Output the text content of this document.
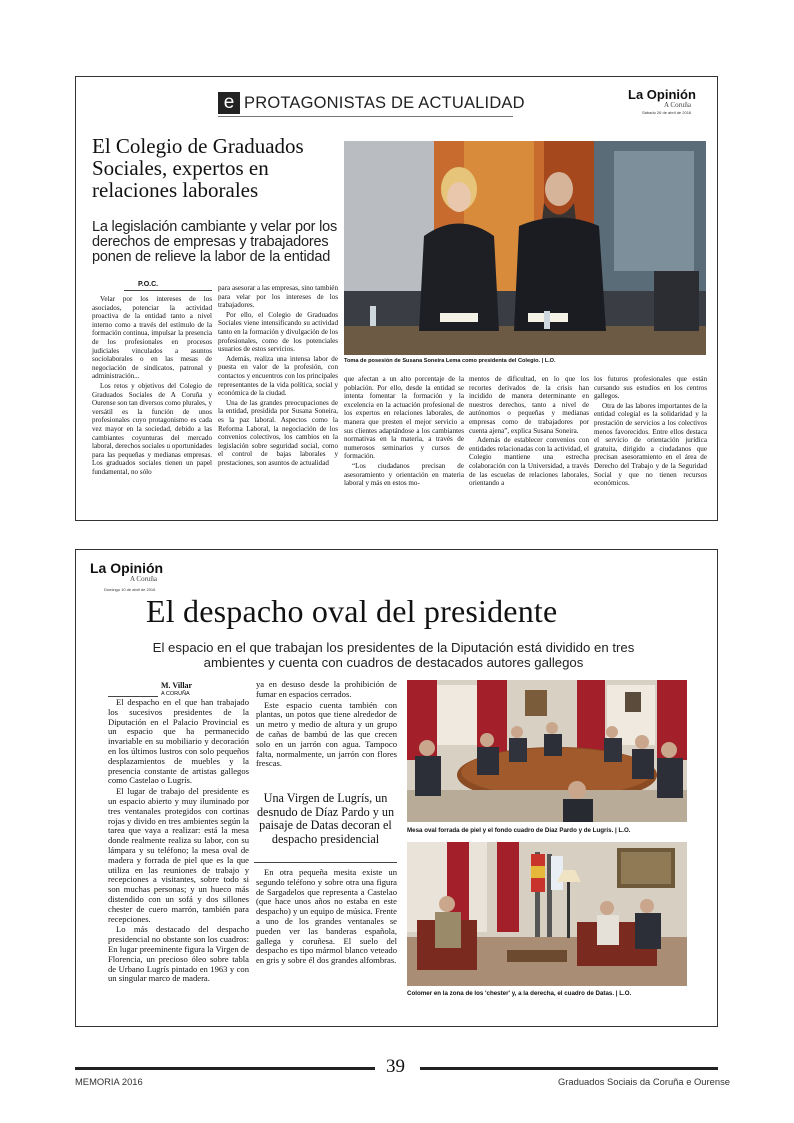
e PROTAGONISTAS DE ACTUALIDAD	La Opinión
A Coruña
Sábado 26 de abril de 2016
El Colegio de Graduados Sociales, expertos en relaciones laborales
La legislación cambiante y velar por los derechos de empresas y trabajadores ponen de relieve la labor de la entidad
P.O.C.

Velar por los intereses de los asociados, potenciar la actividad proactiva de la entidad tanto a nivel interno como a través del estímulo de la formación continua, impulsar la presencia de los profesionales en procesos judiciales vinculados a asuntos sociolaborales o en las mesas de negociación de sindicatos, patronal y administración...

Los retos y objetivos del Colegio de Graduados Sociales de A Coruña y Ourense son tan diversos como plurales, y versátil es la función de unos profesionales cuyo protagonismo es cada vez mayor en la sociedad, debido a las cambiantes coyunturas del mercado laboral, derechos sociales u oportunidades para las pequeñas y medianas empresas. Los graduados sociales tienen un papel fundamental, no sólo

para asesorar a las empresas, sino también para velar por los intereses de los trabajadores.

Por ello, el Colegio de Graduados Sociales viene intensificando su actividad tanto en la formación y divulgación de los profesionales, como de los potenciales usuarios de estos servicios.

Además, realiza una intensa labor de puesta en valor de la profesión, con contactos y encuentros con los principales representantes de la vida política, social y económica de la ciudad.

Una de las grandes preocupaciones de la entidad, presidida por Susana Soneira, es la paz laboral. Aspectos como la Reforma Laboral, la negociación de los convenios colectivos, los cambios en la legislación sobre seguridad social, como el control de bajas laborales y prestaciones, son asuntos de actualidad

Toma de posesión de Susana Soneira Lema como presidenta del Colegio. | L.O.

que afectan a un alto porcentaje de la población. Por ello, desde la entidad se intenta fomentar la formación y la excelencia en la actuación profesional de los expertos en relaciones laborales, de manera que presten el mejor servicio a sus clientes adaptándose a los cambiantes normativas en la materia, a través de numerosos seminarios y cursos de formación.

“Los ciudadanos precisan de asesoramiento y orientación en materia laboral y más en estos mo-

mentos de dificultad, en lo que los recortes derivados de la crisis han incidido de manera determinante en nuestros derechos, tanto a nivel de autónomos o pequeñas y medianas empresas como de trabajadores por cuenta ajena”, explica Susana Soneira.

Además de establecer convenios con entidades relacionadas con la actividad, el Colegio mantiene una estrecha colaboración con la Universidad, a través de las escuelas de relaciones laborales, orientando a

los futuros profesionales que están cursando sus estudios en los centros gallegos.

Otra de las labores importantes de la entidad colegial es la solidaridad y la prestación de servicios a los colectivos menos favorecidos. Entre ellos destaca el servicio de orientación jurídica gratuita, dirigido a ciudadanos que precisan asesoramiento en el área de Derecho del Trabajo y de la Seguridad Social y que no tienen recursos económicos.

La Opinión
A Coruña
Domingo 10 de abril de 2016
El despacho oval del presidente
El espacio en el que trabajan los presidentes de la Diputación está dividido en tres ambientes y cuenta con cuadros de destacados autores gallegos
M. Villar
A CORUÑA

El despacho en el que han trabajado los sucesivos presidentes de la Diputación en el Palacio Provincial es un espacio que ha permanecido invariable en su mobiliario y decoración en los últimos lustros con solo pequeños desplazamientos de muebles y la presencia constante de artistas gallegos como Castelao o Lugrís.

El lugar de trabajo del presidente es un espacio abierto y muy iluminado por tres ventanales protegidos con cortinas rojas y divido en tres ambientes según la tarea que vaya a realizar: está la mesa donde realmente realiza su labor, con su lámpara y su teléfono; la mesa oval de madera y forrada de piel que es la que utiliza en las reuniones de trabajo y recepciones a visitantes, sobre todo si son muchas personas; y un hueco más distendido con un sofá y dos sillones chester de cuero marrón, también para recepciones.

Lo más destacado del despacho presidencial no obstante son los cuadros: En lugar preeminente figura la Virgen de Florencia, un precioso óleo sobre tabla de Urbano Lugrís pintado en 1963 y con un singular marco de madera.

ya en desuso desde la prohibición de fumar en espacios cerrados.

Este espacio cuenta también con plantas, un potos que tiene alrededor de un metro y medio de altura y un grupo de cañas de bambú de las que crecen solo en un jarrón con agua. Tampoco falta, normalmente, un jarrón con flores frescas.

Una Virgen de Lugrís, un desnudo de Díaz Pardo y un paisaje de Datas decoran el despacho presidencial

En otra pequeña mesita existe un segundo teléfono y sobre otra una figura de Sargadelos que representa a Castelao (que hace unos años no estaba en este despacho) y un equipo de música. Frente a uno de los grandes ventanales se pueden ver las banderas española, gallega y coruñesa. El suelo del despacho es tipo mármol blanco veteado en gris y sobre él dos grandes alfombras.

Mesa oval forrada de piel y el fondo cuadro de Díaz Pardo y de Lugrís. | L.O.
Colomer en la zona de los 'chester' y, a la derecha, el cuadro de Datas. | L.O.
39
MEMORIA 2016	Graduados Sociais da Coruña e Ourense
